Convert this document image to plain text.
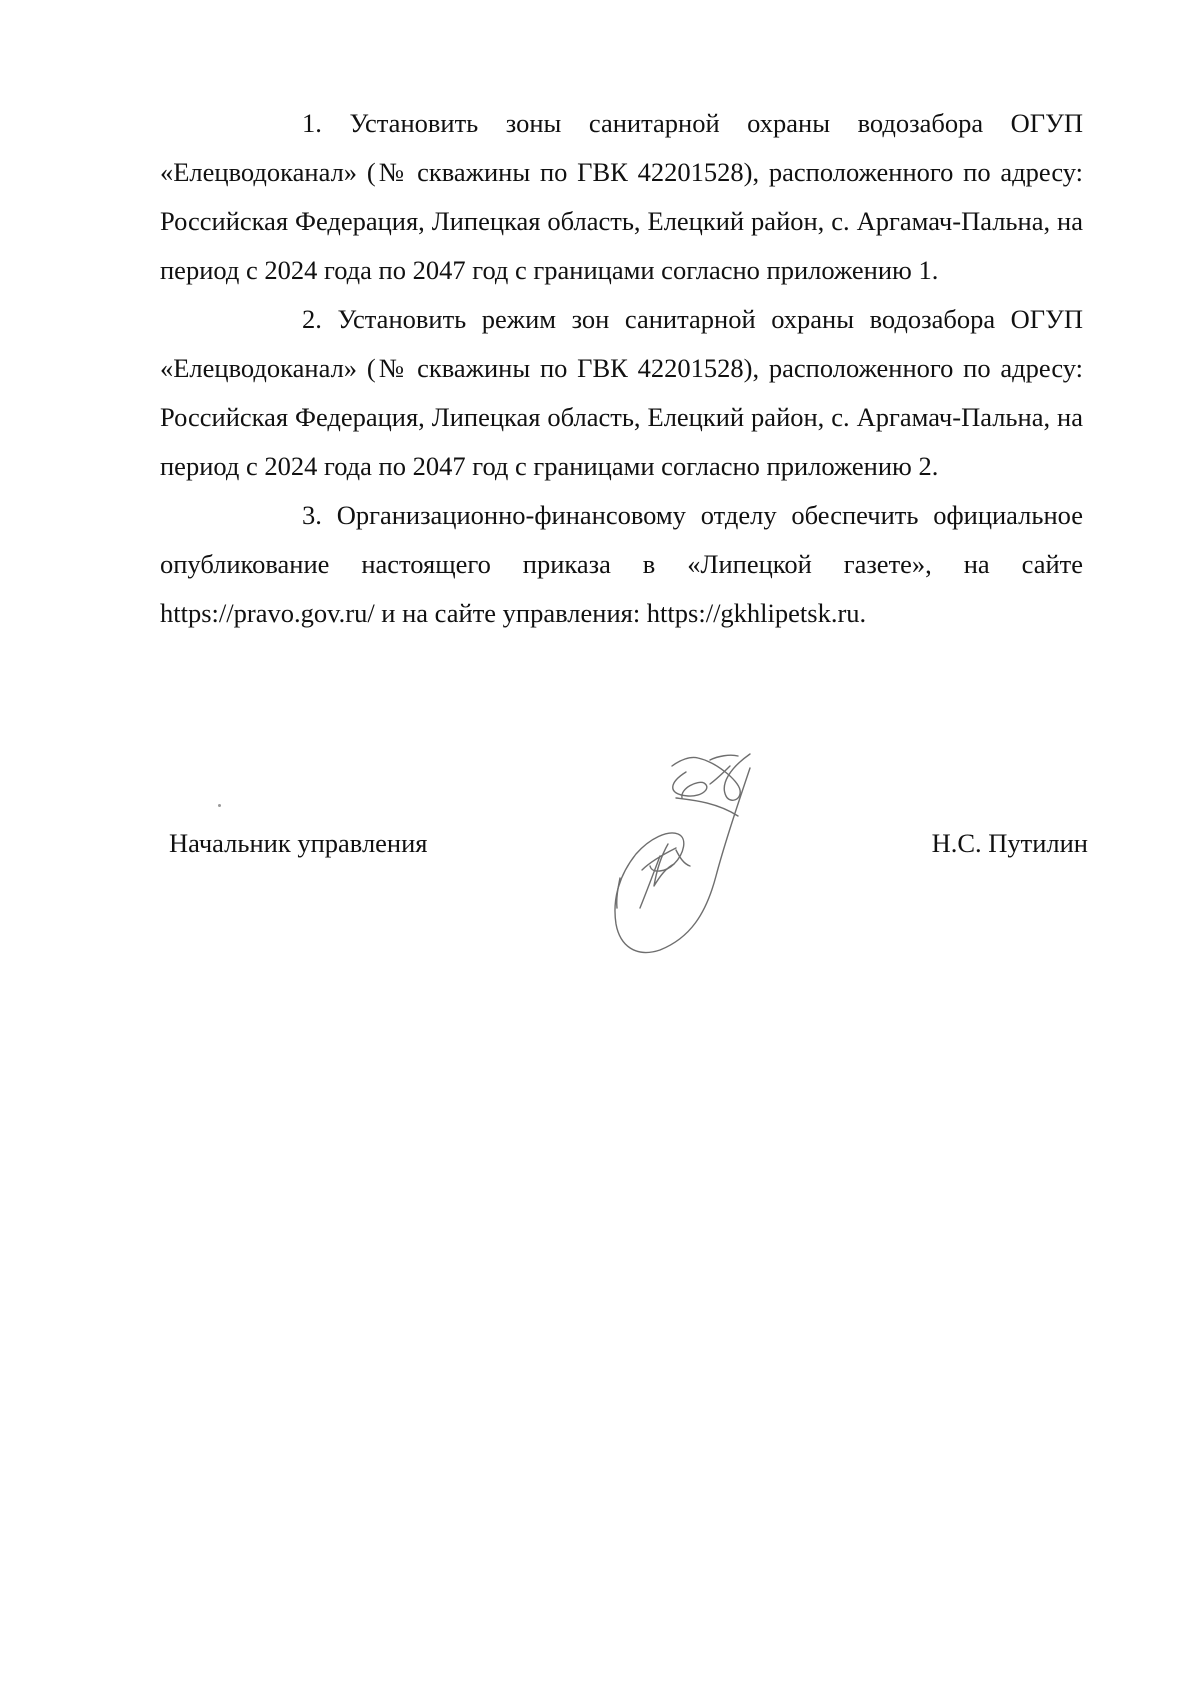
1. Установить зоны санитарной охраны водозабора ОГУП «Елецводоканал» (№ скважины по ГВК 42201528), расположенного по адресу: Российская Федерация, Липецкая область, Елецкий район, с. Аргамач-Пальна, на период с 2024 года по 2047 год с границами согласно приложению 1.

2. Установить режим зон санитарной охраны водозабора ОГУП «Елецводоканал» (№ скважины по ГВК 42201528), расположенного по адресу: Российская Федерация, Липецкая область, Елецкий район, с. Аргамач-Пальна, на период с 2024 года по 2047 год с границами согласно приложению 2.

3. Организационно-финансовому отделу обеспечить официальное опубликование настоящего приказа в «Липецкой газете», на сайте https://pravo.gov.ru/ и на сайте управления: https://gkhlipetsk.ru.

Начальник управления	Н.С. Путилин
